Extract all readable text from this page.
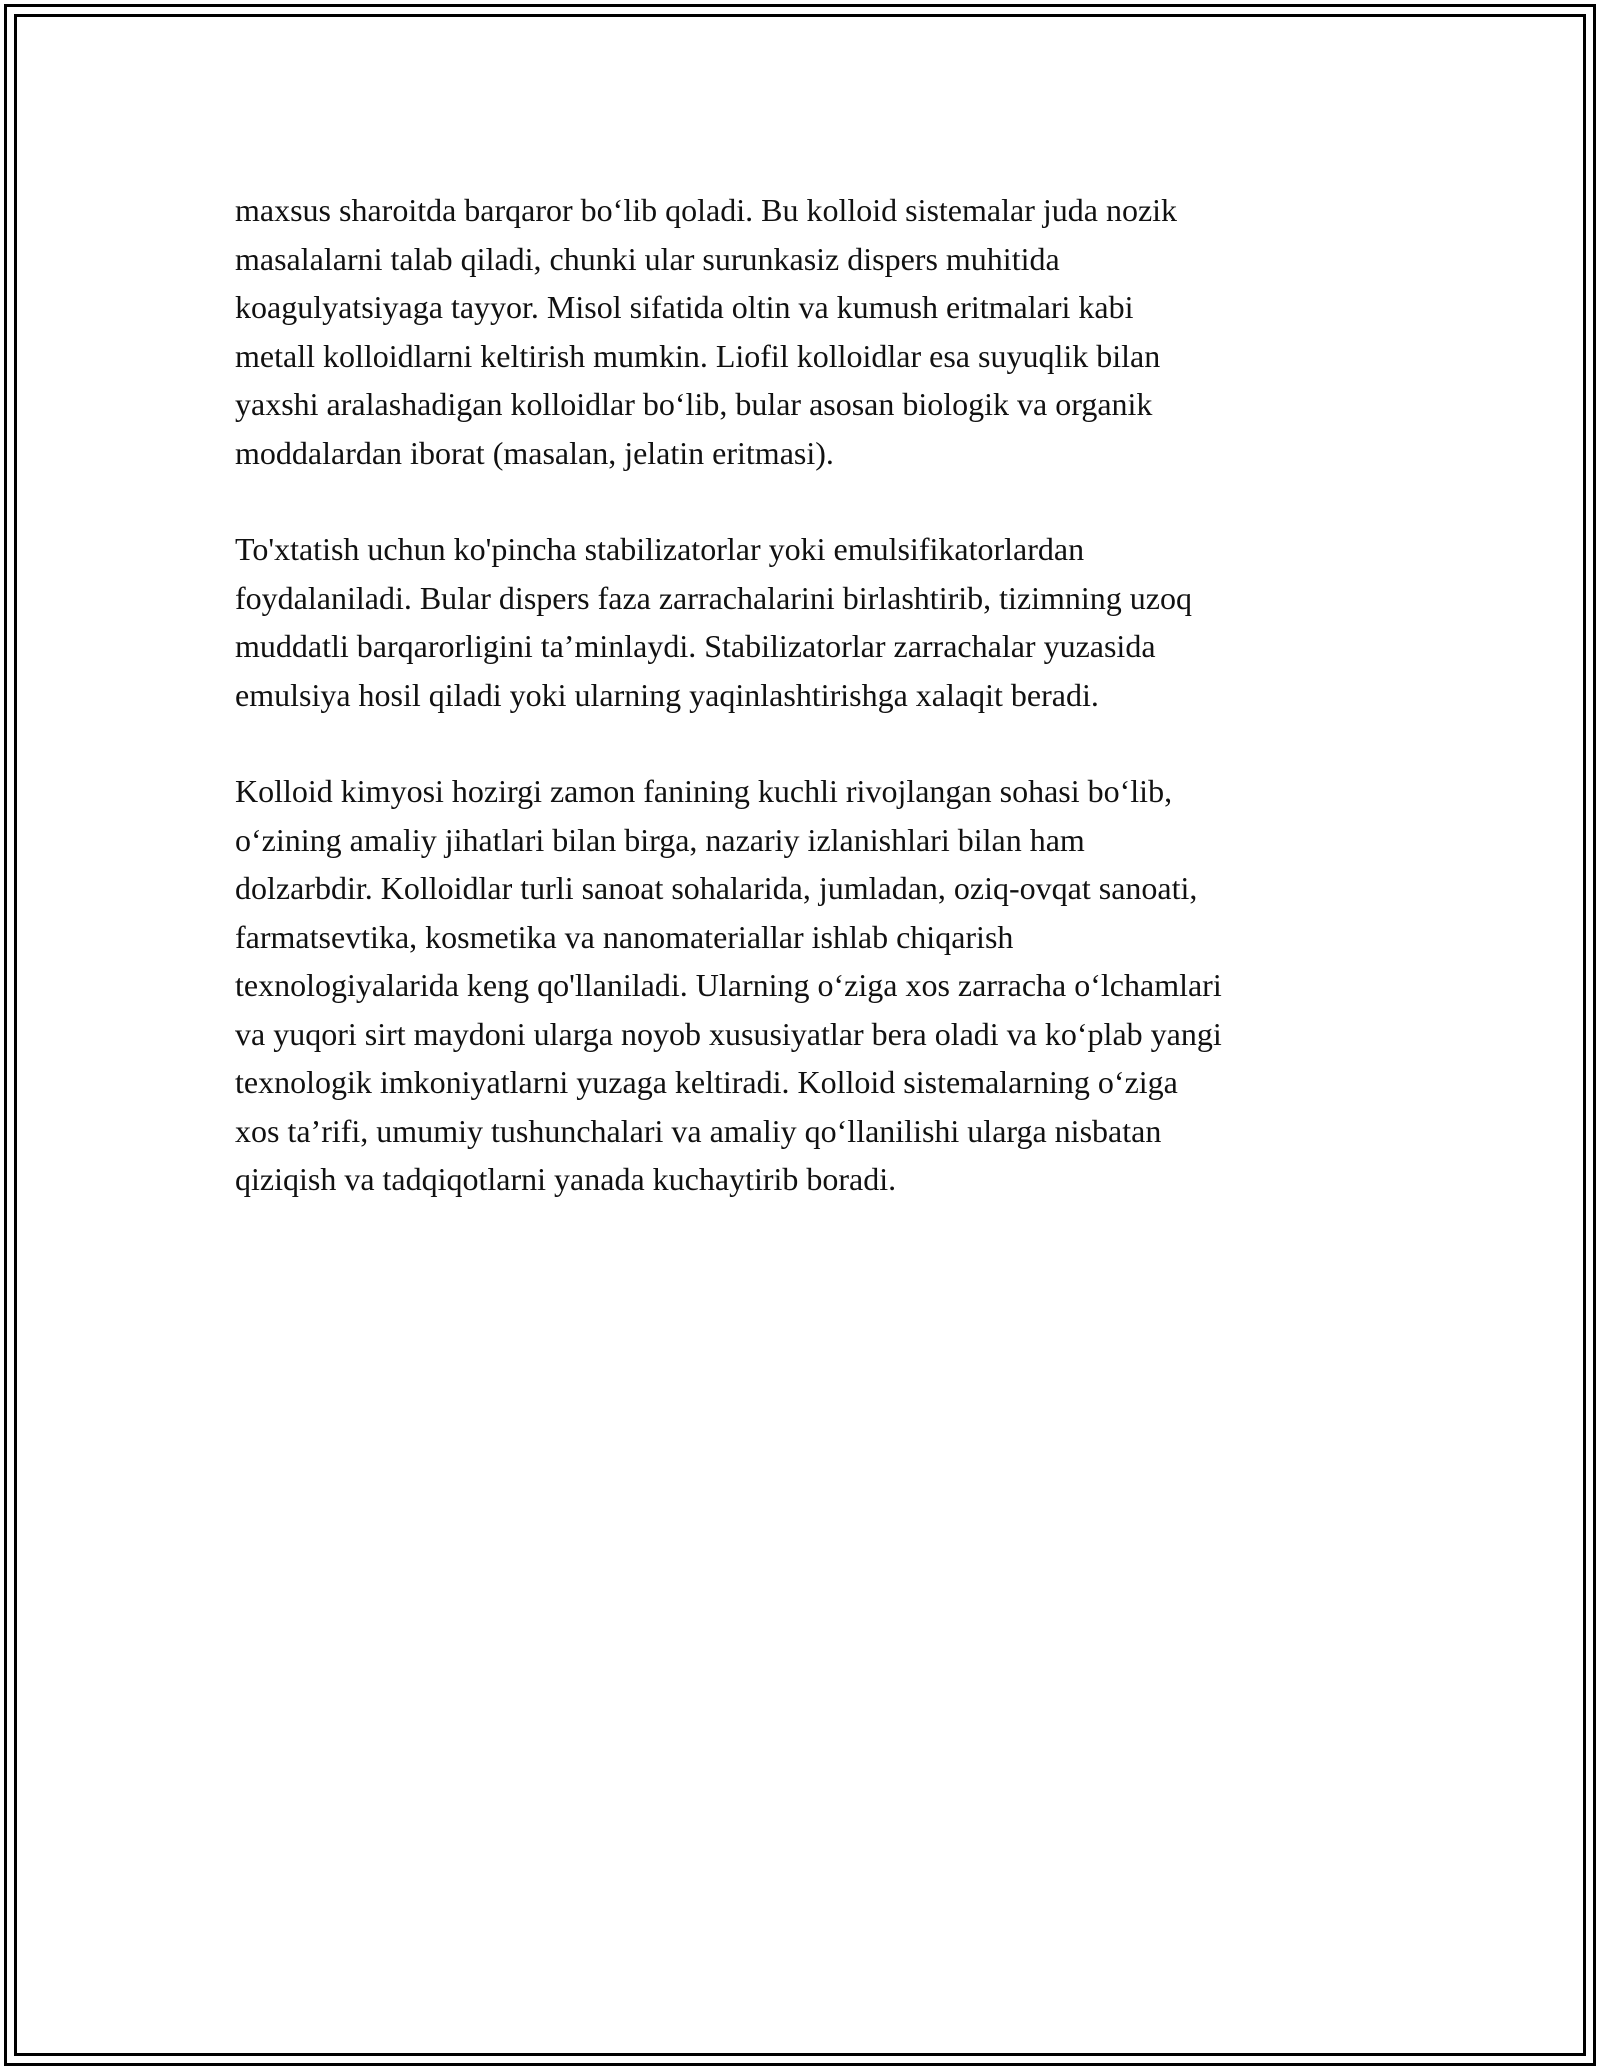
maxsus sharoitda barqaror boʻlib qoladi. Bu kolloid sistemalar juda nozik
masalalarni talab qiladi, chunki ular surunkasiz dispers muhitida
koagulyatsiyaga tayyor. Misol sifatida oltin va kumush eritmalari kabi
metall kolloidlarni keltirish mumkin. Liofil kolloidlar esa suyuqlik bilan
yaxshi aralashadigan kolloidlar boʻlib, bular asosan biologik va organik
moddalardan iborat (masalan, jelatin eritmasi).

To'xtatish uchun ko'pincha stabilizatorlar yoki emulsifikatorlardan
foydalaniladi. Bular dispers faza zarrachalarini birlashtirib, tizimning uzoq
muddatli barqarorligini ta’minlaydi. Stabilizatorlar zarrachalar yuzasida
emulsiya hosil qiladi yoki ularning yaqinlashtirishga xalaqit beradi.

Kolloid kimyosi hozirgi zamon fanining kuchli rivojlangan sohasi boʻlib,
oʻzining amaliy jihatlari bilan birga, nazariy izlanishlari bilan ham
dolzarbdir. Kolloidlar turli sanoat sohalarida, jumladan, oziq-ovqat sanoati,
farmatsevtika, kosmetika va nanomateriallar ishlab chiqarish
texnologiyalarida keng qo'llaniladi. Ularning oʻziga xos zarracha oʻlchamlari
va yuqori sirt maydoni ularga noyob xususiyatlar bera oladi va koʻplab yangi
texnologik imkoniyatlarni yuzaga keltiradi. Kolloid sistemalarning oʻziga
xos ta’rifi, umumiy tushunchalari va amaliy qoʻllanilishi ularga nisbatan
qiziqish va tadqiqotlarni yanada kuchaytirib boradi.
